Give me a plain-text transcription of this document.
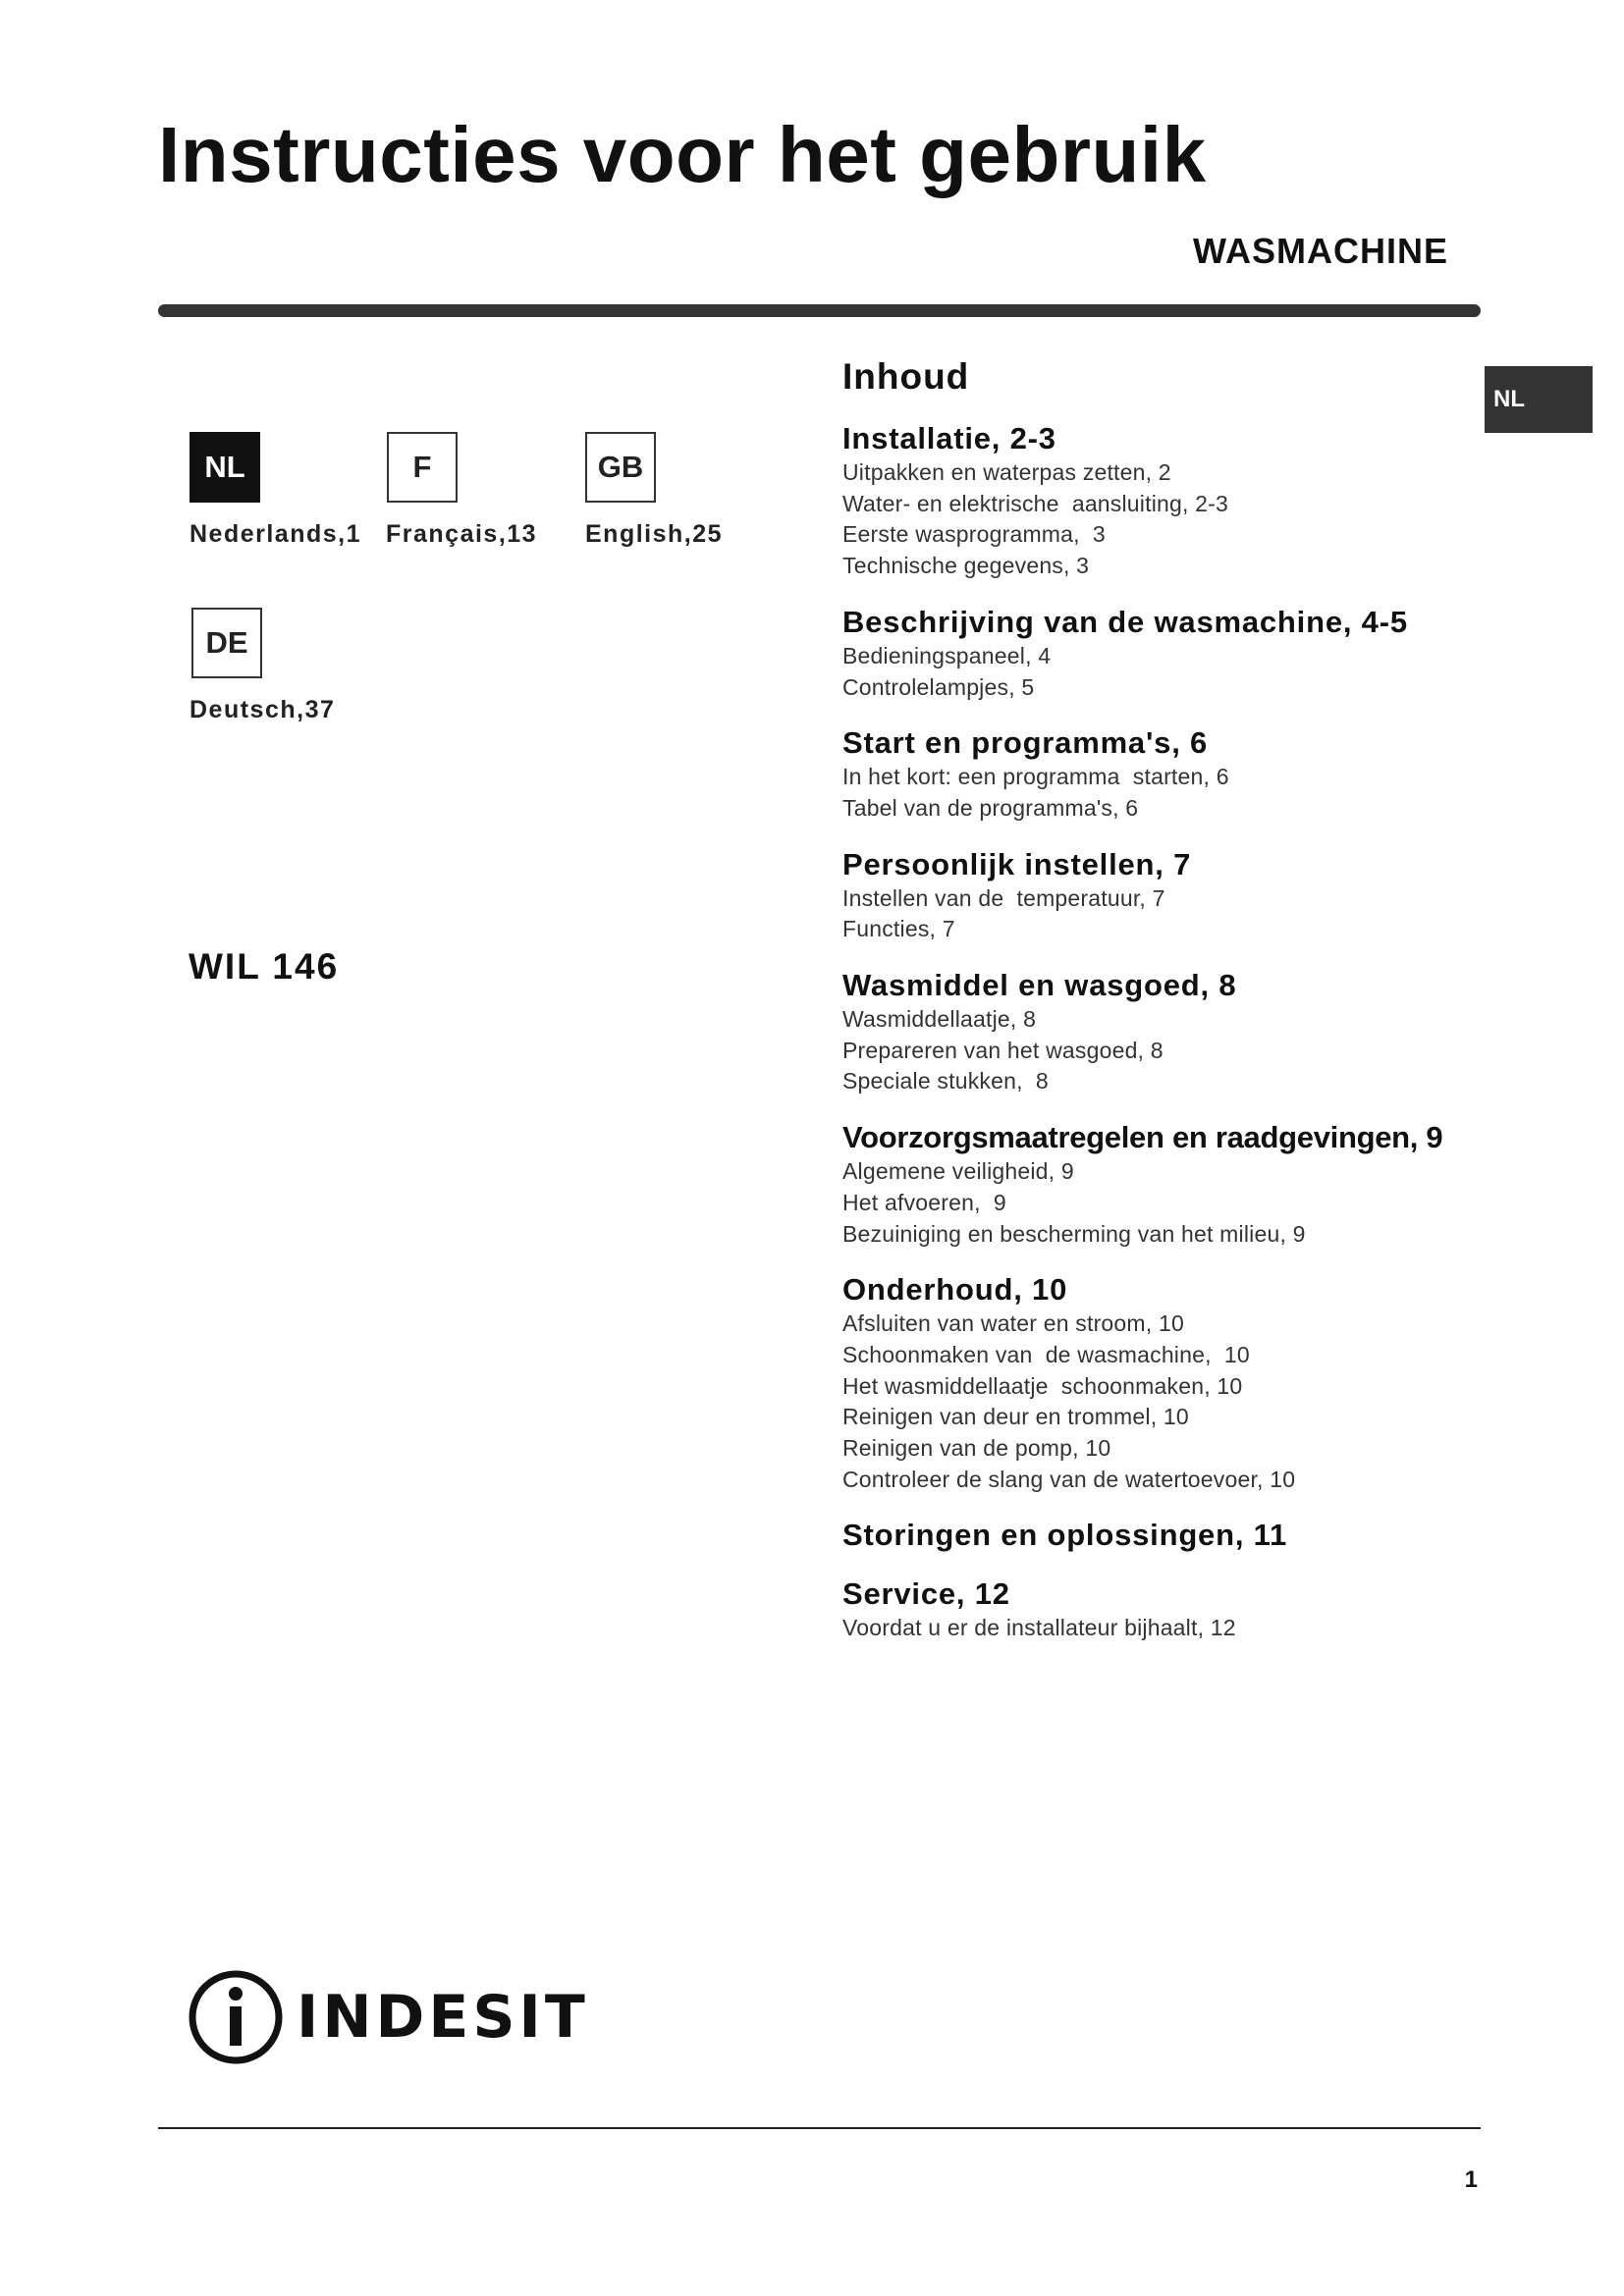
Instructies voor het gebruik
WASMACHINE
NL
NL
Nederlands,1
F
Français,13
GB
English,25
DE
Deutsch,37
WIL 146
Inhoud
Installatie, 2-3
Uitpakken en waterpas zetten, 2
Water- en elektrische  aansluiting, 2-3
Eerste wasprogramma,  3
Technische gegevens, 3
Beschrijving van de wasmachine, 4-5
Bedieningspaneel, 4
Controlelampjes, 5
Start en programma's, 6
In het kort: een programma  starten, 6
Tabel van de programma's, 6
Persoonlijk instellen, 7
Instellen van de  temperatuur, 7
Functies, 7
Wasmiddel en wasgoed, 8
Wasmiddellaatje, 8
Prepareren van het wasgoed, 8
Speciale stukken,  8
Voorzorgsmaatregelen en raadgevingen, 9
Algemene veiligheid, 9
Het afvoeren,  9
Bezuiniging en bescherming van het milieu, 9
Onderhoud, 10
Afsluiten van water en stroom, 10
Schoonmaken van  de wasmachine,  10
Het wasmiddellaatje  schoonmaken, 10
Reinigen van deur en trommel, 10
Reinigen van de pomp, 10
Controleer de slang van de watertoevoer, 10
Storingen en oplossingen, 11
Service, 12
Voordat u er de installateur bijhaalt, 12
INDESIT
1
